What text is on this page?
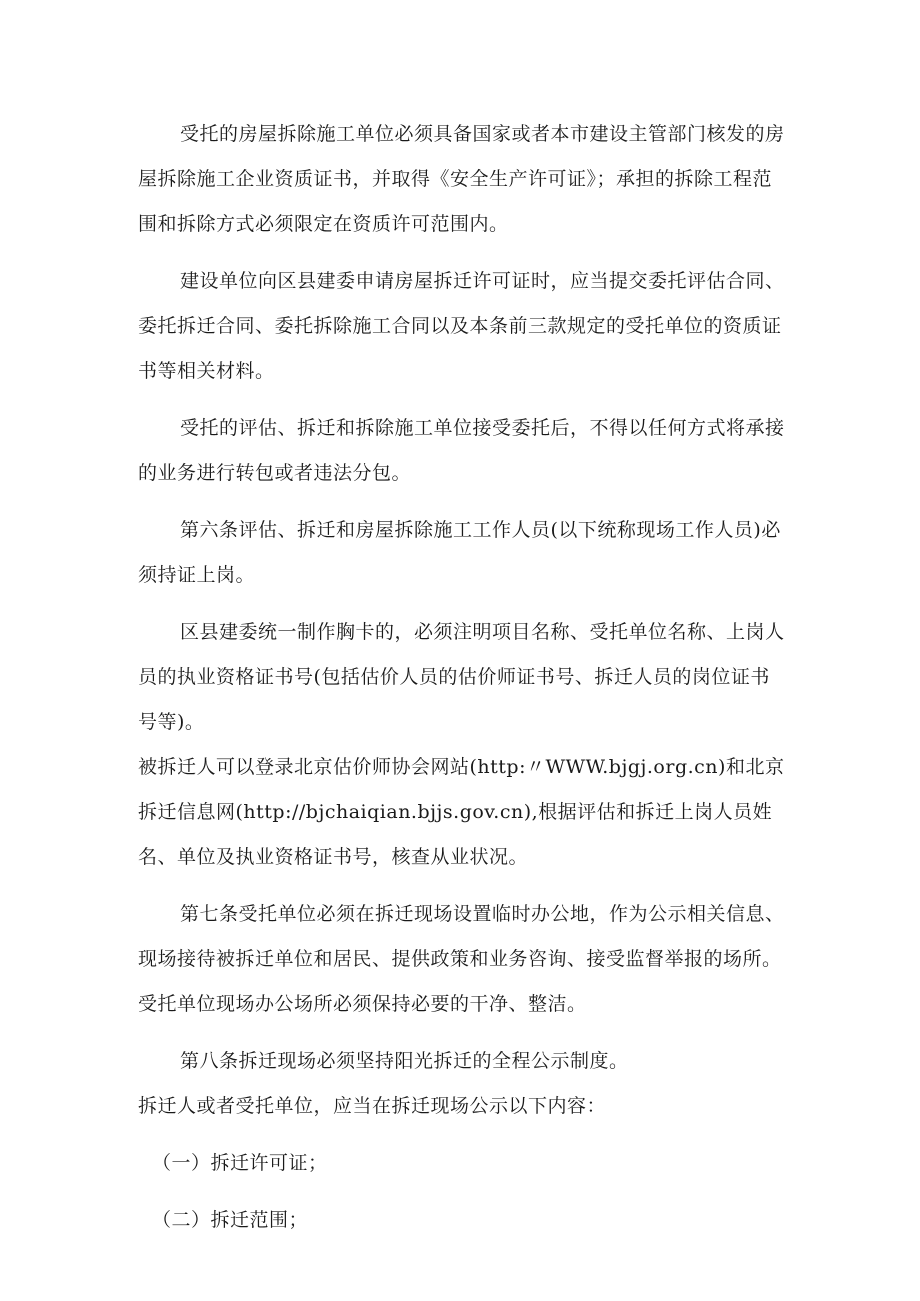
受托的房屋拆除施工单位必须具备国家或者本市建设主管部门核发的房屋拆除施工企业资质证书，并取得《安全生产许可证》；承担的拆除工程范围和拆除方式必须限定在资质许可范围内。

建设单位向区县建委申请房屋拆迁许可证时，应当提交委托评估合同、委托拆迁合同、委托拆除施工合同以及本条前三款规定的受托单位的资质证书等相关材料。

受托的评估、拆迁和拆除施工单位接受委托后，不得以任何方式将承接的业务进行转包或者违法分包。

第六条评估、拆迁和房屋拆除施工工作人员(以下统称现场工作人员)必须持证上岗。

区县建委统一制作胸卡的，必须注明项目名称、受托单位名称、上岗人员的执业资格证书号(包括估价人员的估价师证书号、拆迁人员的岗位证书号等)。

被拆迁人可以登录北京估价师协会网站(http:〃WWW.bjgj.org.cn)和北京拆迁信息网(http://bjchaiqian.bjjs.gov.cn),根据评估和拆迁上岗人员姓名、单位及执业资格证书号，核查从业状况。

第七条受托单位必须在拆迁现场设置临时办公地，作为公示相关信息、现场接待被拆迁单位和居民、提供政策和业务咨询、接受监督举报的场所。

受托单位现场办公场所必须保持必要的干净、整洁。

第八条拆迁现场必须坚持阳光拆迁的全程公示制度。

拆迁人或者受托单位，应当在拆迁现场公示以下内容：

（一）拆迁许可证；

（二）拆迁范围；
